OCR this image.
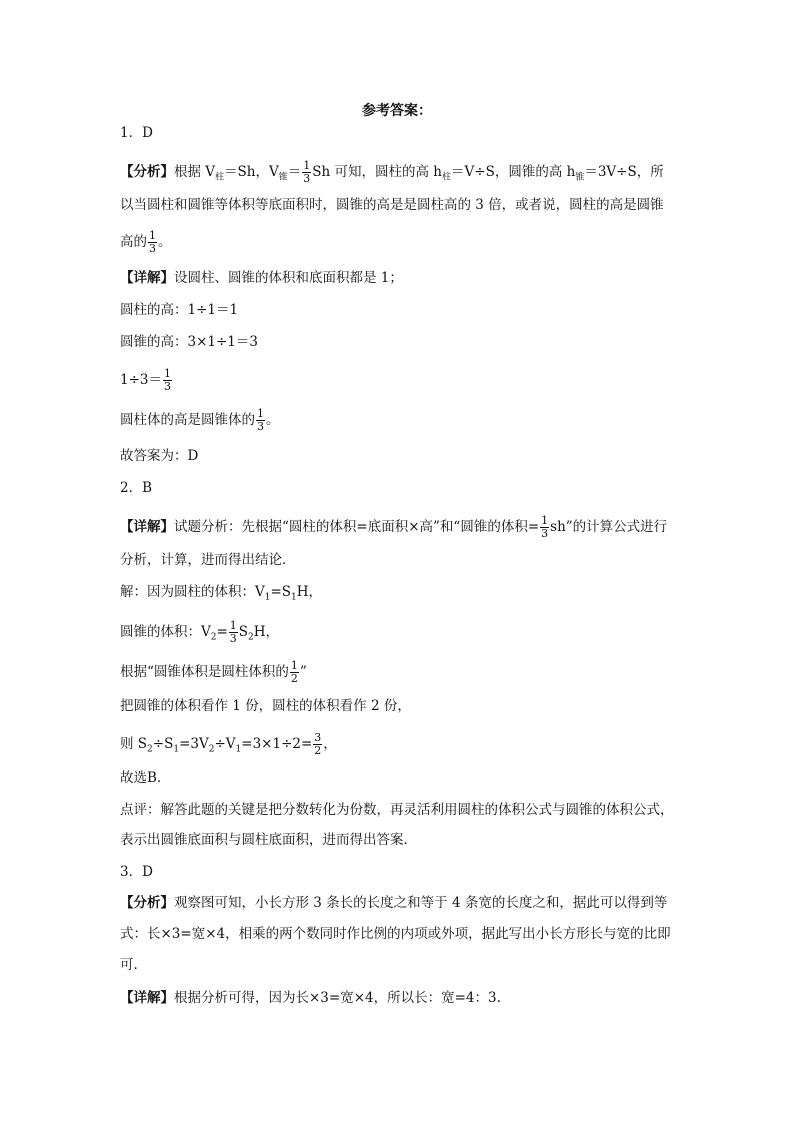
参考答案：
1．D
【分析】根据 $V_柱=Sh$，$V_锥= \frac{1}{3}$ Sh 可知，圆柱的高 $h_柱=V\div S$，圆锥的高 $h_锥=3V\div S$，所
以当圆柱和圆锥等体积等底面积时，圆锥的高是是圆柱高的 3 倍，或者说，圆柱的高是圆锥
高的 $\frac{1}{3}$ 。
【详解】设圆柱、圆锥的体积和底面积都是 1；
圆柱的高：1÷1＝1
圆锥的高：3×1÷1＝3
$1\div 3= \frac{1}{3}$
圆柱体的高是圆锥体的 $\frac{1}{3}$ 。
故答案为：D
2．B
【详解】试题分析：先根据“圆柱的体积=底面积×高”和“圆锥的体积= $\frac{1}{3}$ sh”的计算公式进行
分析，计算，进而得出结论．
解：因为圆柱的体积：$V_1=S_1H$，
圆锥的体积：$V_2= \frac{1}{3} S_2H$，
根据“圆锥体积是圆柱体积的 $\frac{1}{2}$ ”
把圆锥的体积看作 1 份，圆柱的体积看作 2 份，
则 $S_2\div S_1=3V_2\div V_1=3\times 1\div 2= \frac{3}{2}$ ，
故选B．
点评：解答此题的关键是把分数转化为份数，再灵活利用圆柱的体积公式与圆锥的体积公式，
表示出圆锥底面积与圆柱底面积，进而得出答案．
3．D
【分析】观察图可知，小长方形 3 条长的长度之和等于 4 条宽的长度之和，据此可以得到等
式：长×3=宽×4，相乘的两个数同时作比例的内项或外项，据此写出小长方形长与宽的比即
可.
【详解】根据分析可得，因为长×3=宽×4，所以长：宽=4：3.
